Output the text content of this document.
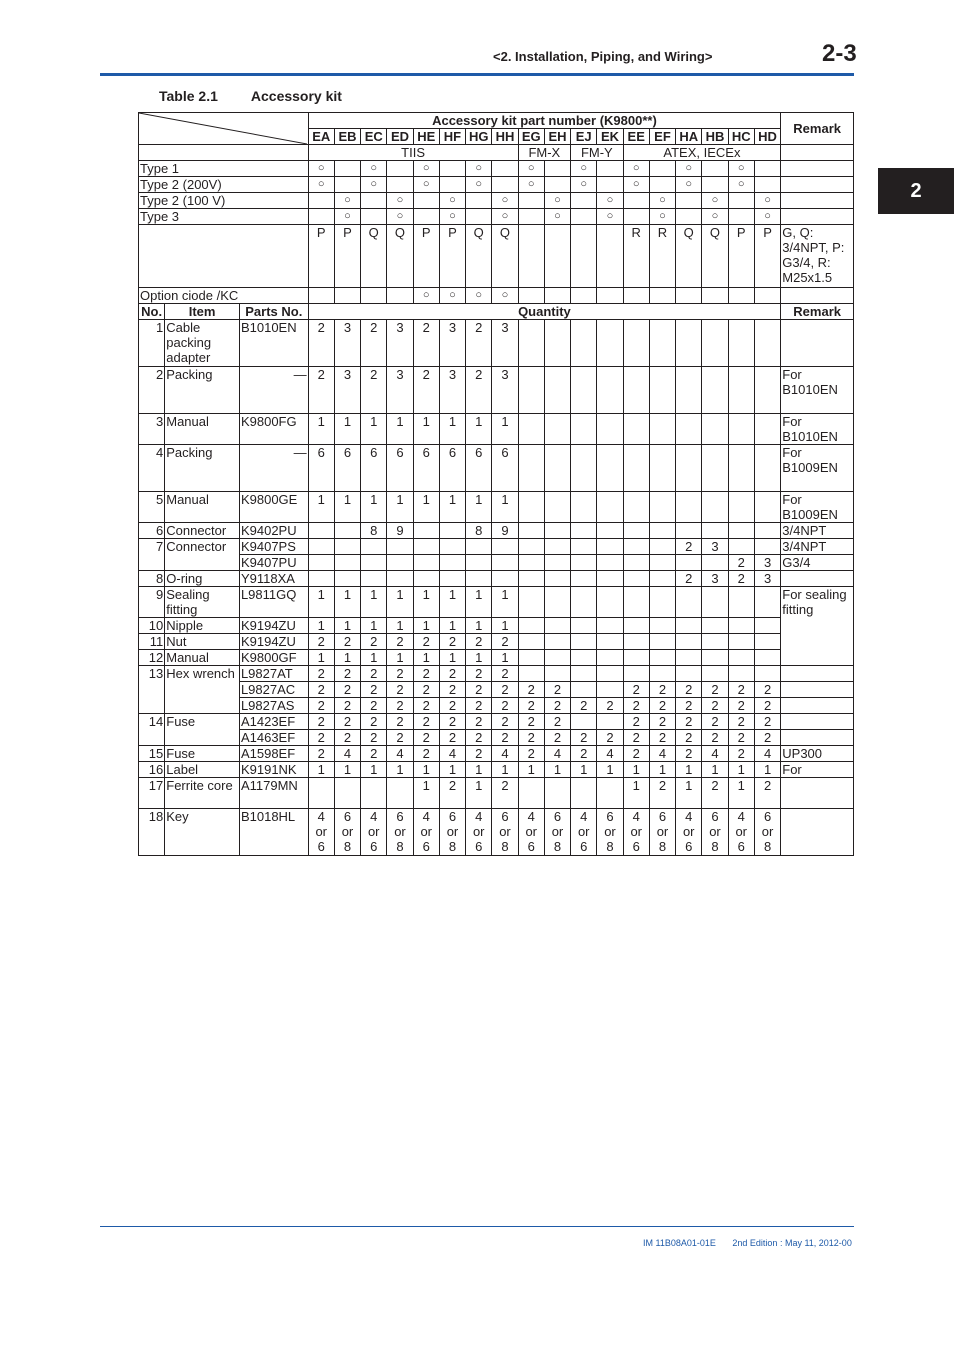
<2. Installation, Piping, and Wiring>	2-3
2
Table 2.1 Accessory kit
	Accessory kit part number (K9800**)																		Remark
			EA	EB	EC	ED	HE	HF	HG	HH	EG	EH	EJ	EK	EE	EF	HA	HB	HC	HD	
			TIIS								FM-X		FM-Y		ATEX, IECEx						
Type 1			○		○		○		○		○		○		○		○		○		
Type 2 (200V)			○		○		○		○		○		○		○		○		○		
Type 2 (100 V)				○		○		○		○		○		○		○		○		○	
Type 3				○		○		○		○		○		○		○		○		○	
			P	P	Q	Q	P	P	Q	Q					R	R	Q	Q	P	P	G, Q: 3/4NPT, P: G3/4, R: M25x1.5
Option ciode /KC							○	○	○	○											
No.	Item	Parts No.	Quantity																		Remark
1	Cable packing adapter	B1010EN	2	3	2	3	2	3	2	3											
2	Packing	—	2	3	2	3	2	3	2	3											For B1010EN
3	Manual	K9800FG	1	1	1	1	1	1	1	1											For B1010EN
4	Packing	—	6	6	6	6	6	6	6	6											For B1009EN
5	Manual	K9800GE	1	1	1	1	1	1	1	1											For B1009EN
6	Connector	K9402PU			8	9			8	9											3/4NPT
7	Connector	K9407PS															2	3			3/4NPT
		K9407PU																	2	3	G3/4
8	O-ring	Y9118XA															2	3	2	3	
9	Sealing fitting	L9811GQ	1	1	1	1	1	1	1	1											For sealing fitting
10	Nipple	K9194ZU	1	1	1	1	1	1	1	1											
11	Nut	K9194ZU	2	2	2	2	2	2	2	2											
12	Manual	K9800GF	1	1	1	1	1	1	1	1											
13	Hex wrench	L9827AT	2	2	2	2	2	2	2	2											
		L9827AC	2	2	2	2	2	2	2	2	2	2			2	2	2	2	2	2	
		L9827AS	2	2	2	2	2	2	2	2	2	2	2	2	2	2	2	2	2	2	
14	Fuse	A1423EF	2	2	2	2	2	2	2	2	2	2			2	2	2	2	2	2	
		A1463EF	2	2	2	2	2	2	2	2	2	2	2	2	2	2	2	2	2	2	
15	Fuse	A1598EF	2	4	2	4	2	4	2	4	2	4	2	4	2	4	2	4	2	4	UP300
16	Label	K9191NK	1	1	1	1	1	1	1	1	1	1	1	1	1	1	1	1	1	1	For
17	Ferrite core	A1179MN					1	2	1	2					1	2	1	2	1	2	
18	Key	B1018HL	4 or 6	6 or 8	4 or 6	6 or 8	4 or 6	6 or 8	4 or 6	6 or 8	4 or 6	6 or 8	4 or 6	6 or 8	4 or 6	6 or 8	4 or 6	6 or 8	4 or 6	6 or 8	

IM 11B08A01-01E 2nd Edition : May 11, 2012-00
